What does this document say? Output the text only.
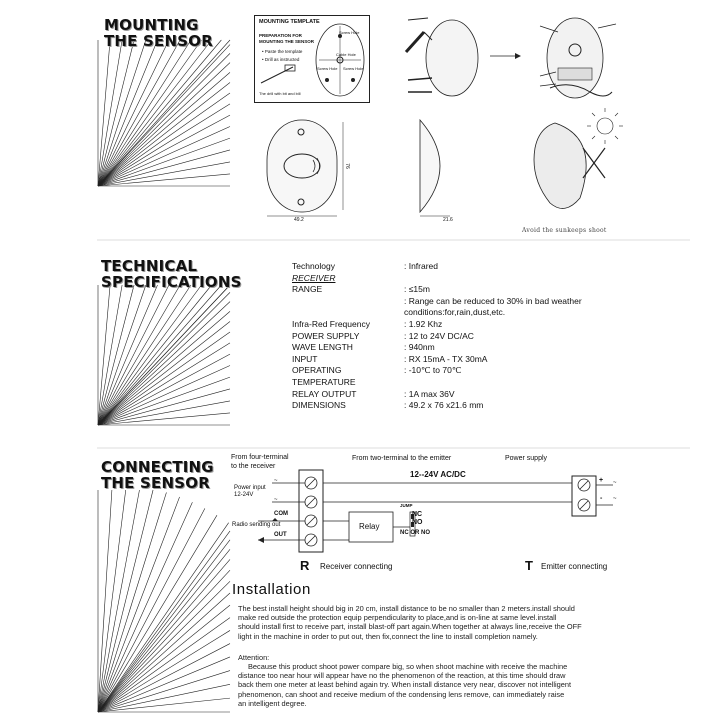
MOUNTING
THE SENSOR
TECHNICAL
SPECIFICATIONS
CONNECTING
THE SENSOR
MOUNTING TEMPLATE
PREPARATION FOR
MOUNTING THE SENSOR
• Paste the template
• Drill as instructed
The drill with bit and bill
Screw Hole
Cable Hole
Screw Hole Screw Hole
49.2
76
21.6
Avoid the sunkeeps shoot
Technology	: Infrared
RECEIVER
RANGE	: ≤15m
: Range can be reduced to 30% in bad weather
conditions:for,rain,dust,etc.
Infra-Red Frequency	: 1.92 Khz
POWER SUPPLY	: 12 to 24V DC/AC
WAVE LENGTH	: 940nm
INPUT	: RX 15mA - TX 30mA
OPERATING TEMPERATURE
: -10℃ to 70℃
RELAY OUTPUT	: 1A max 36V
DIMENSIONS	: 49.2 x 76 x21.6 mm
From four-terminal
to the receiver
From two-terminal to the emitter	Power supply
Power input
12-24V
~
~
COM
Radio sending out
OUT
12--24V AC/DC
Relay
JUMP
NC
NO
NC OR NO
~
~
+
-
R Receiver connecting	T Emitter connecting
Installation
The best install height should big in 20 cm, install distance to be no smaller than 2 meters.install should
make red outside the protection equip perpendicularity to place,and is on-line at same level.install
should install first to receive part, install blast-off part again.When together at always line,receive the OFF
light in the machine in order to put out, then fix,connect the line to install completion namely.
Attention:
Because this product shoot power compare big, so when shoot machine with receive the machine
distance too near hour will appear have no the phenomenon of the reaction, at this time should draw
back them one meter at least behind again try. When install distance very near, discover not intelligent
phenomenon, can shoot and receive medium of the condensing lens remove, can immediately raise
an intelligent degree.
